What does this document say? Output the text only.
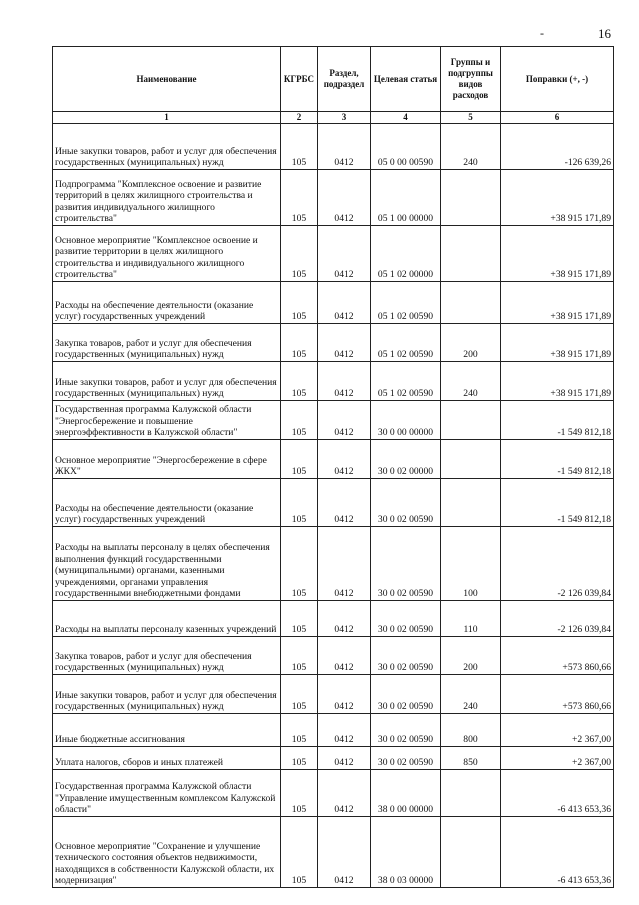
-	16
Наименование	КГРБС	Раздел, подраздел	Целевая статья	Группы и подгруппы видов расходов	Поправки (+, -)
1	2	3	4	5	6
Иные закупки товаров, работ и услуг для обеспечения государственных (муниципальных) нужд	105	0412	05 0 00 00590	240	-126 639,26
Подпрограмма "Комплексное освоение и развитие территорий в целях жилищного строительства и развития индивидуального жилищного строительства"	105	0412	05 1 00 00000		+38 915 171,89
Основное мероприятие "Комплексное освоение и развитие территории в целях жилищного строительства и индивидуального жилищного строительства"	105	0412	05 1 02 00000		+38 915 171,89
Расходы на обеспечение деятельности (оказание услуг) государственных учреждений	105	0412	05 1 02 00590		+38 915 171,89
Закупка товаров, работ и услуг для обеспечения государственных (муниципальных) нужд	105	0412	05 1 02 00590	200	+38 915 171,89
Иные закупки товаров, работ и услуг для обеспечения государственных (муниципальных) нужд	105	0412	05 1 02 00590	240	+38 915 171,89
Государственная программа Калужской области "Энергосбережение и повышение энергоэффективности в Калужской области"	105	0412	30 0 00 00000		-1 549 812,18
Основное мероприятие "Энергосбережение в сфере ЖКХ"	105	0412	30 0 02 00000		-1 549 812,18
Расходы на обеспечение деятельности (оказание услуг) государственных учреждений	105	0412	30 0 02 00590		-1 549 812,18
Расходы на выплаты персоналу в целях обеспечения выполнения функций государственными (муниципальными) органами, казенными учреждениями, органами управления государственными внебюджетными фондами	105	0412	30 0 02 00590	100	-2 126 039,84
Расходы на выплаты персоналу казенных учреждений	105	0412	30 0 02 00590	110	-2 126 039,84
Закупка товаров, работ и услуг для обеспечения государственных (муниципальных) нужд	105	0412	30 0 02 00590	200	+573 860,66
Иные закупки товаров, работ и услуг для обеспечения государственных (муниципальных) нужд	105	0412	30 0 02 00590	240	+573 860,66
Иные бюджетные ассигнования	105	0412	30 0 02 00590	800	+2 367,00
Уплата налогов, сборов и иных платежей	105	0412	30 0 02 00590	850	+2 367,00
Государственная программа Калужской области "Управление имущественным комплексом Калужской области"	105	0412	38 0 00 00000		-6 413 653,36
Основное мероприятие "Сохранение и улучшение технического состояния объектов недвижимости, находящихся в собственности Калужской области, их модернизация"	105	0412	38 0 03 00000		-6 413 653,36
